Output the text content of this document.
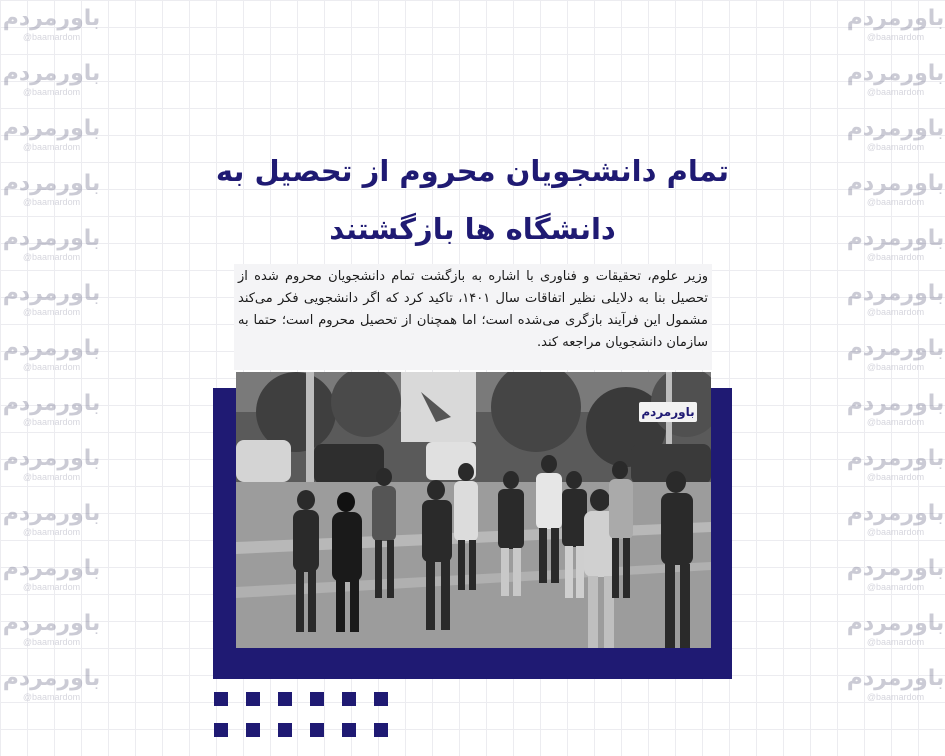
باورمردم
@baamardom
باورمردم
@baamardom
باورمردم
@baamardom
باورمردم
@baamardom
باورمردم
@baamardom
باورمردم
@baamardom
باورمردم
@baamardom
باورمردم
@baamardom
باورمردم
@baamardom
باورمردم
@baamardom
باورمردم
@baamardom
باورمردم
@baamardom
باورمردم
@baamardom
باورمردم
@baamardom
باورمردم
@baamardom
باورمردم
@baamardom
باورمردم
@baamardom
باورمردم
@baamardom
باورمردم
@baamardom
باورمردم
@baamardom
باورمردم
@baamardom
باورمردم
@baamardom
باورمردم
@baamardom
باورمردم
@baamardom
باورمردم
@baamardom
باورمردم
@baamardom
تمام دانشجویان محروم از تحصیل به
دانشگاه ها بازگشتند

وزیر علوم، تحقیقات و فناوری با اشاره به بازگشت تمام دانشجویان محروم شده از تحصیل بنا به دلایلی نظیر اتفاقات سال ۱۴۰۱، تاکید کرد که اگر دانشجویی فکر می‌کند مشمول این فرآیند بازگری می‌شده است؛ اما همچنان از تحصیل محروم است؛ حتما به سازمان دانشجویان مراجعه کند.

باورمردم
